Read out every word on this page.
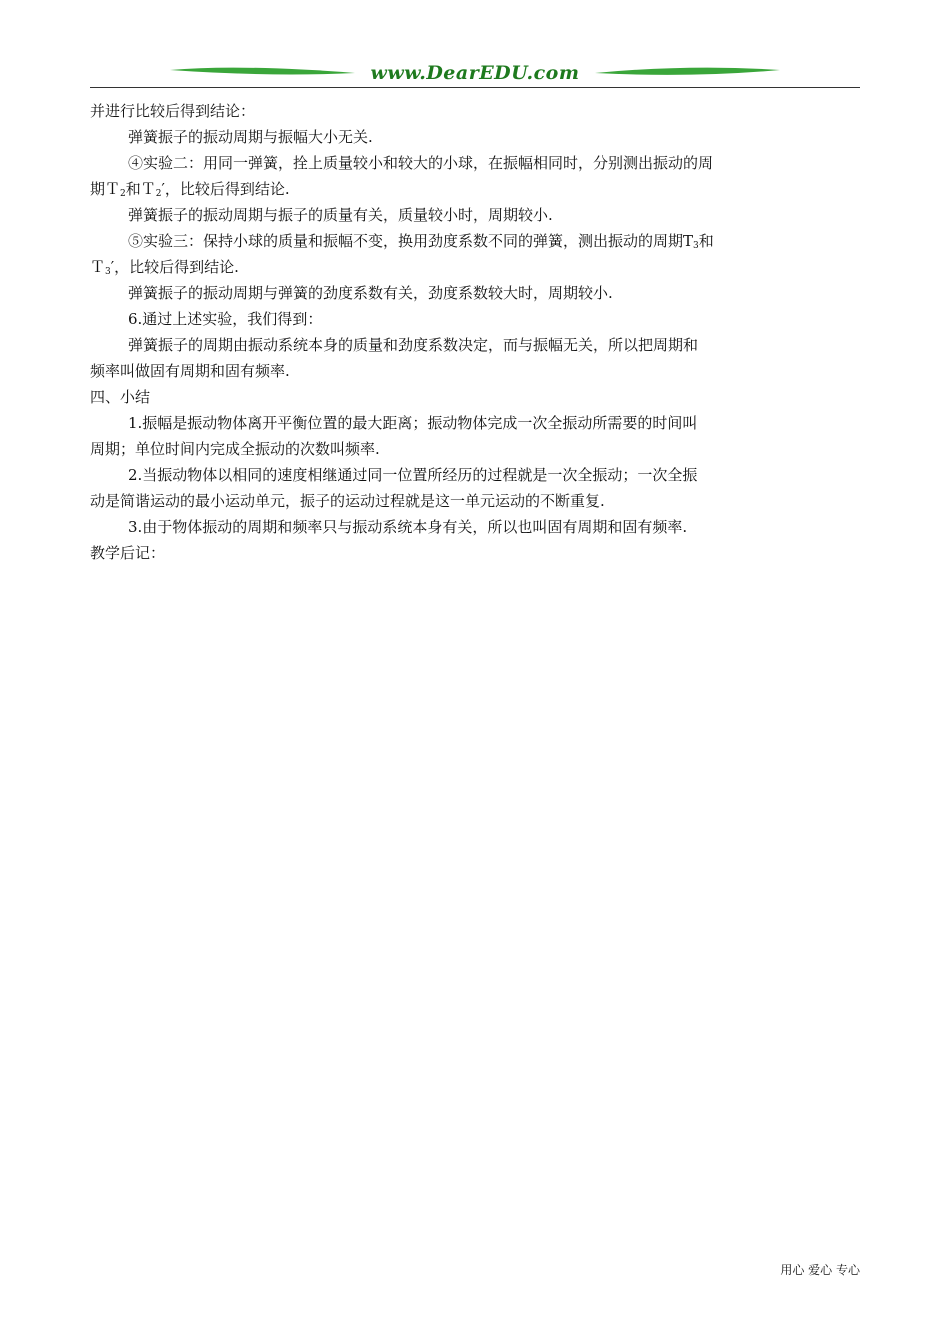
www.DearEDU.com
并进行比较后得到结论：
弹簧振子的振动周期与振幅大小无关.
④实验二：用同一弹簧，拴上质量较小和较大的小球，在振幅相同时，分别测出振动的周
期Ｔ$_2$和Ｔ$_2$′，比较后得到结论.
弹簧振子的振动周期与振子的质量有关，质量较小时，周期较小.
⑤实验三：保持小球的质量和振幅不变，换用劲度系数不同的弹簧，测出振动的周期$T_3$和
Ｔ$_3$′，比较后得到结论.
弹簧振子的振动周期与弹簧的劲度系数有关，劲度系数较大时，周期较小.
6.通过上述实验，我们得到：
弹簧振子的周期由振动系统本身的质量和劲度系数决定，而与振幅无关，所以把周期和
频率叫做固有周期和固有频率.
四、小结
1.振幅是振动物体离开平衡位置的最大距离；振动物体完成一次全振动所需要的时间叫
周期；单位时间内完成全振动的次数叫频率.
2.当振动物体以相同的速度相继通过同一位置所经历的过程就是一次全振动；一次全振
动是简谐运动的最小运动单元，振子的运动过程就是这一单元运动的不断重复.
3.由于物体振动的周期和频率只与振动系统本身有关，所以也叫固有周期和固有频率.
教学后记：
用心 爱心 专心
